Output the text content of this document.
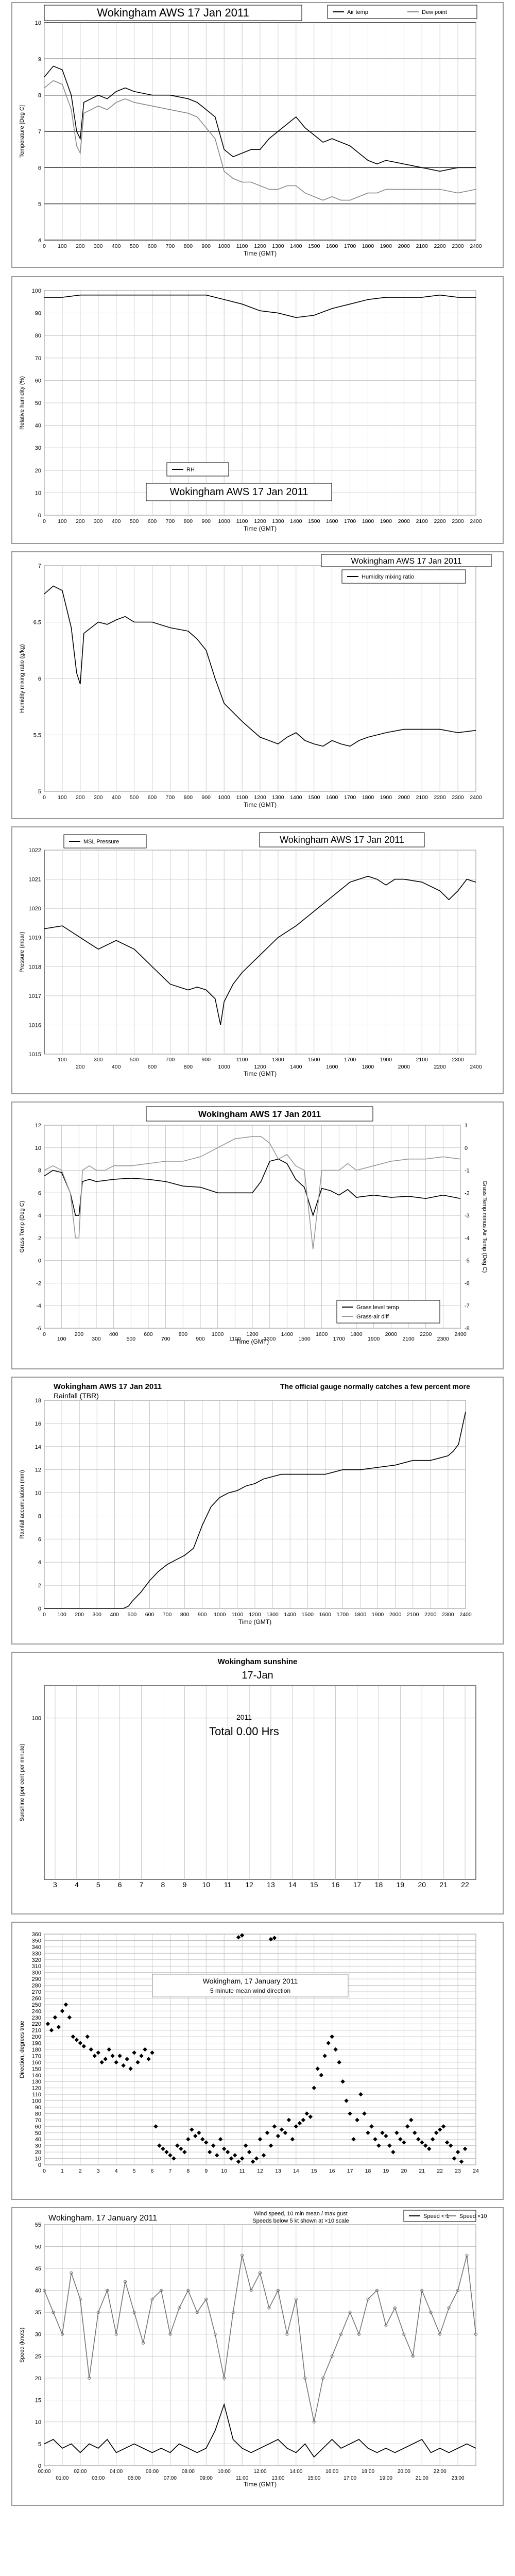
4
5
6
7
8
9
10
0 100 200 300 400 500 600 700 800 900 1000 1100 1200 1300 1400 1500 1600 1700 1800 1900 2000 2100 2200 2300 2400
Time (GMT)
Temperature [Deg C]
Wokingham AWS 17 Jan 2011	Air temp	Dew point
0
10
20
30
40
50
60
70
80
90
100
0 100 200 300 400 500 600 700 800 900 1000 1100 1200 1300 1400 1500 1600 1700 1800 1900 2000 2100 2200 2300 2400
Time (GMT)
Relative humidity (%)
Wokingham AWS 17 Jan 2011
RH
5
5.5
6
6.5
7
0 100 200 300 400 500 600 700 800 900 1000 1100 1200 1300 1400 1500 1600 1700 1800 1900 2000 2100 2200 2300 2400
Time (GMT)
Humidity mixing ratio (g/kg)
Wokingham AWS 17 Jan 2011
Humidity mixing ratio
1015
1016
1017
1018
1019
1020
1021
1022
100
200
300
400
500
600
700
800
900
1000
1100
1200
1300
1400
1500
1600
1700
1800
1900
2000
2100
2200
2300
2400
Time (GMT)
Pressure (mbar)
Wokingham AWS 17 Jan 2011
MSL Pressure
-6
-4
-2
0
2
4
6
8
10
12
0
100
200
300
400
500
600
700
800
900
1000
1100
1200
1300
1400
1500
1600
1700
1800
1900
2000
2100
2200
2300
2400
-8
-7
-6
-5
-4
-3
-2
-1
0
1
Grass Temp minus Air Temp (Deg C)
Time (GMT)
Grass Temp (Deg C)
Wokingham AWS 17 Jan 2011
Grass level temp
Grass-air diff
0
2
4
6
8
10
12
14
16
18
0 100 200 300 400 500 600 700 800 900 1000 1100 1200 1300 1400 1500 1600 1700 1800 1900 2000 2100 2200 2300 2400
Time (GMT)
Rainfall accumulation (mm)
Wokingham AWS 17 Jan 2011
Rainfall (TBR)
The official gauge normally catches a few percent more
100
3 4 5 6 7 8 9 10 11 12 13 14 15 16 17 18 19 20 21 22
Sunshine (per cent per minute)
Wokingham sunshine
17-Jan
2011
Total 0.00 Hrs
0
10
20
30
40
50
60
70
80
90
100
110
120
130
140
150
160
170
180
190
200
210
220
230
240
250
260
270
280
290
300
310
320
330
340
350
360
0	1	2	3	4	5	6	7	8	9 10 11 12 13 14 15 16 17 18 19 20 21 22 23 24
Direction, degrees true
Wokingham, 17 January 2011
5 minute mean wind direction
0
5
10
15
20
25
30
35
40
45
50
55
00:00	02:00	04:00	06:00	08:00	10:00	12:00	14:00	16:00	18:00	20:00	22:00
01:00	03:00	05:00	07:00	09:00	11:00	13:00	15:00	17:00	19:00	21:00	23:00
Time (GMT)
Speed (knots)
Wokingham, 17 January 2011	Wind speed, 10 min mean / max gust
Speeds below 5 kt shown at ×10 scale
Speed < 1 Speed ×10
